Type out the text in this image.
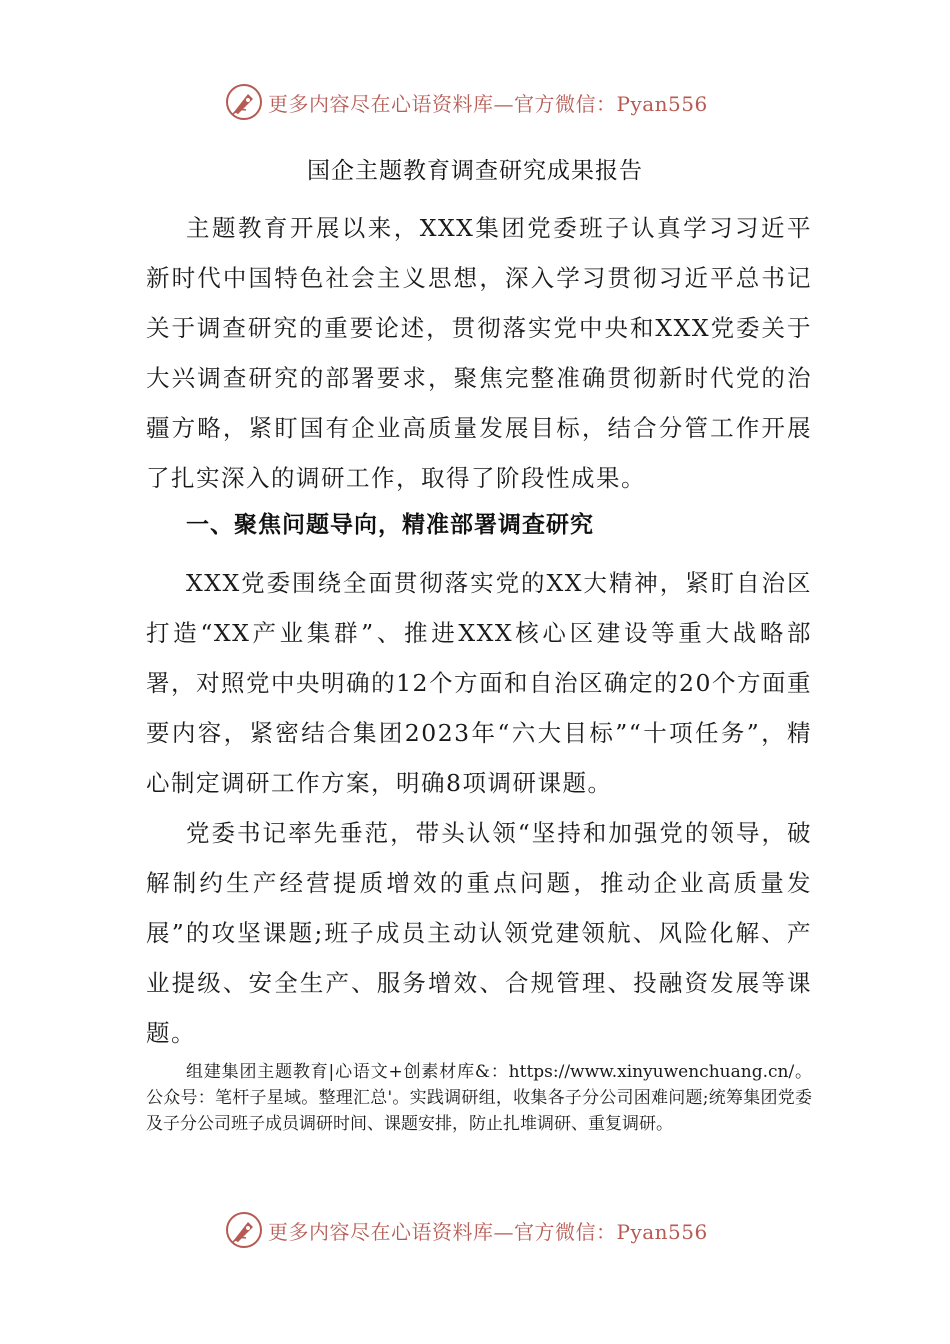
更多内容尽在心语资料库—官方微信：Pyan556
国企主题教育调查研究成果报告

主题教育开展以来，XXX集团党委班子认真学习习近平新时代中国特色社会主义思想，深入学习贯彻习近平总书记关于调查研究的重要论述，贯彻落实党中央和XXX党委关于大兴调查研究的部署要求，聚焦完整准确贯彻新时代党的治疆方略，紧盯国有企业高质量发展目标，结合分管工作开展了扎实深入的调研工作，取得了阶段性成果。

一、聚焦问题导向，精准部署调查研究

XXX党委围绕全面贯彻落实党的XX大精神，紧盯自治区打造“XX产业集群”、推进XXX核心区建设等重大战略部署，对照党中央明确的12个方面和自治区确定的20个方面重要内容，紧密结合集团2023年“六大目标”“十项任务”，精心制定调研工作方案，明确8项调研课题。

党委书记率先垂范，带头认领“坚持和加强党的领导，破解制约生产经营提质增效的重点问题，推动企业高质量发展”的攻坚课题;班子成员主动认领党建领航、风险化解、产业提级、安全生产、服务增效、合规管理、投融资发展等课题。

组建集团主题教育|心语文+创素材库&：https://www.xinyuwenchuang.cn/。公众号：笔杆子星域。整理汇总'。实践调研组，收集各子分公司困难问题;统筹集团党委及子分公司班子成员调研时间、课题安排，防止扎堆调研、重复调研。

更多内容尽在心语资料库—官方微信：Pyan556
